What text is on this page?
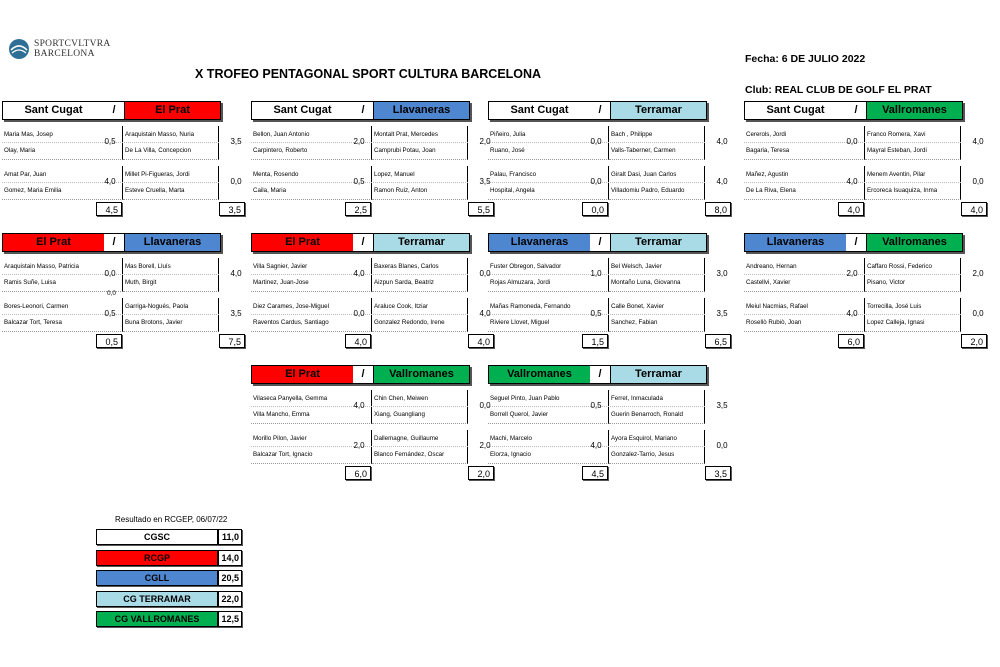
SPORTCVLTVRA
BARCELONA
X TROFEO PENTAGONAL SPORT CULTURA BARCELONA
Fecha: 6 DE JULIO 2022
Club: REAL CLUB DE GOLF EL PRAT
Sant Cugat	/	El Prat
Maria Mas, Josep
Olay, Maria
Araquistain Masso, Nuria
De La Villa, Concepcion
0,5	3,5
Amat Par, Juan
Gomez, Maria Emilia
Millet Pi-Figueras, Jordi
Esteve Cruella, Marta
4,0	0,0
4,5	3,5
Sant Cugat	/	Llavaneras
Bellon, Juan Antonio
Carpintero, Roberto
Montalt Prat, Mercedes
Camprubi Potau, Joan
2,0	2,0
Menta, Rosendo
Caila, Maria
Lopez, Manuel
Ramon Ruiz, Anton
0,5	3,5
2,5	5,5
Sant Cugat	/	Terramar
Piñeiro, Julia
Ruano, José
Bach , Philippe
Valls-Taberner, Carmen
0,0	4,0
Palau, Francisco
Hospital, Angela
Giralt Dasi, Juan Carlos
Villadomiu Padro, Eduardo
0,0	4,0
0,0	8,0
Sant Cugat	/	Vallromanes
Cererols, Jordi
Bagaria, Teresa
Franco Romera, Xavi
Mayral Esteban, Jordi
0,0	4,0
Mañez, Agustin
De La Riva, Elena
Menem Aventin, Pilar
Ercoreca Isuaquiza, Inma
4,0	0,0
4,0	4,0
El Prat	/	Llavaneras
Araquistain Masso, Patricia
Ramis Suñe, Luisa
Mas Borell, Lluís
Muth, Birgit
0,0	4,0
Bores-Leonori, Carmen
Balcazar Tort, Teresa
Garriga-Nogués, Paola
Buna Brotons, Javier
0,5	3,5
0,0
0,5	7,5
El Prat	/	Terramar
Villa Sagnier, Javier
Martinez, Juan-Jose
Baxeras Blanes, Carlos
Aizpun Sarda, Beatriz
4,0	0,0
Diez Carames, Jose-Miguel
Raventos Cardus, Santiago
Araluce Cook, Itziar
Gonzalez Redondo, Irene
0,0	4,0
4,0	4,0
Llavaneras	/	Terramar
Fuster Obregon, Salvador
Rojas Almuzara, Jordi
Bel Welsch, Javier
Montaño Luna, Giovanna
1,0	3,0
Mañas Ramoneda, Fernando
Riviere Llovet, Miguel
Calle Bonet, Xavier
Sanchez, Fabian
0,5	3,5
1,5	6,5
Llavaneras	/	Vallromanes
Andreano, Hernan
Castellvi, Xavier
Caffaro Rossi, Federico
Pisano, Victor
2,0	2,0
Meiul Nacmias, Rafael
Rosellò Rubiò, Joan
Torrecilla, José Luis
Lopez Calleja, Ignasi
4,0	0,0
6,0	2,0
El Prat	/	Vallromanes
Vilaseca Panyella, Gemma
Villa Mancho, Emma
Chin Chen, Meiwen
Xiang, Guangliang
4,0	0,0
Morillo Pilon, Javier
Balcazar Tort, Ignacio
Dallemagne, Guillaume
Blanco Fernández, Oscar
2,0	2,0
6,0	2,0
Vallromanes	/	Terramar
Seguel Pinto, Juan Pablo
Borrell Querol, Javier
Ferret, Inmaculada
Guerin Benarroch, Ronald
0,5	3,5
Machi, Marcelo
Elorza, Ignacio
Ayora Esquirol, Mariano
Gonzalez-Tarrio, Jesus
4,0	0,0
4,5	3,5
Resultado en RCGEP, 06/07/22
CGSC	11,0
RCGP	14,0
CGLL	20,5
CG TERRAMAR	22,0
CG VALLROMANES	12,5
